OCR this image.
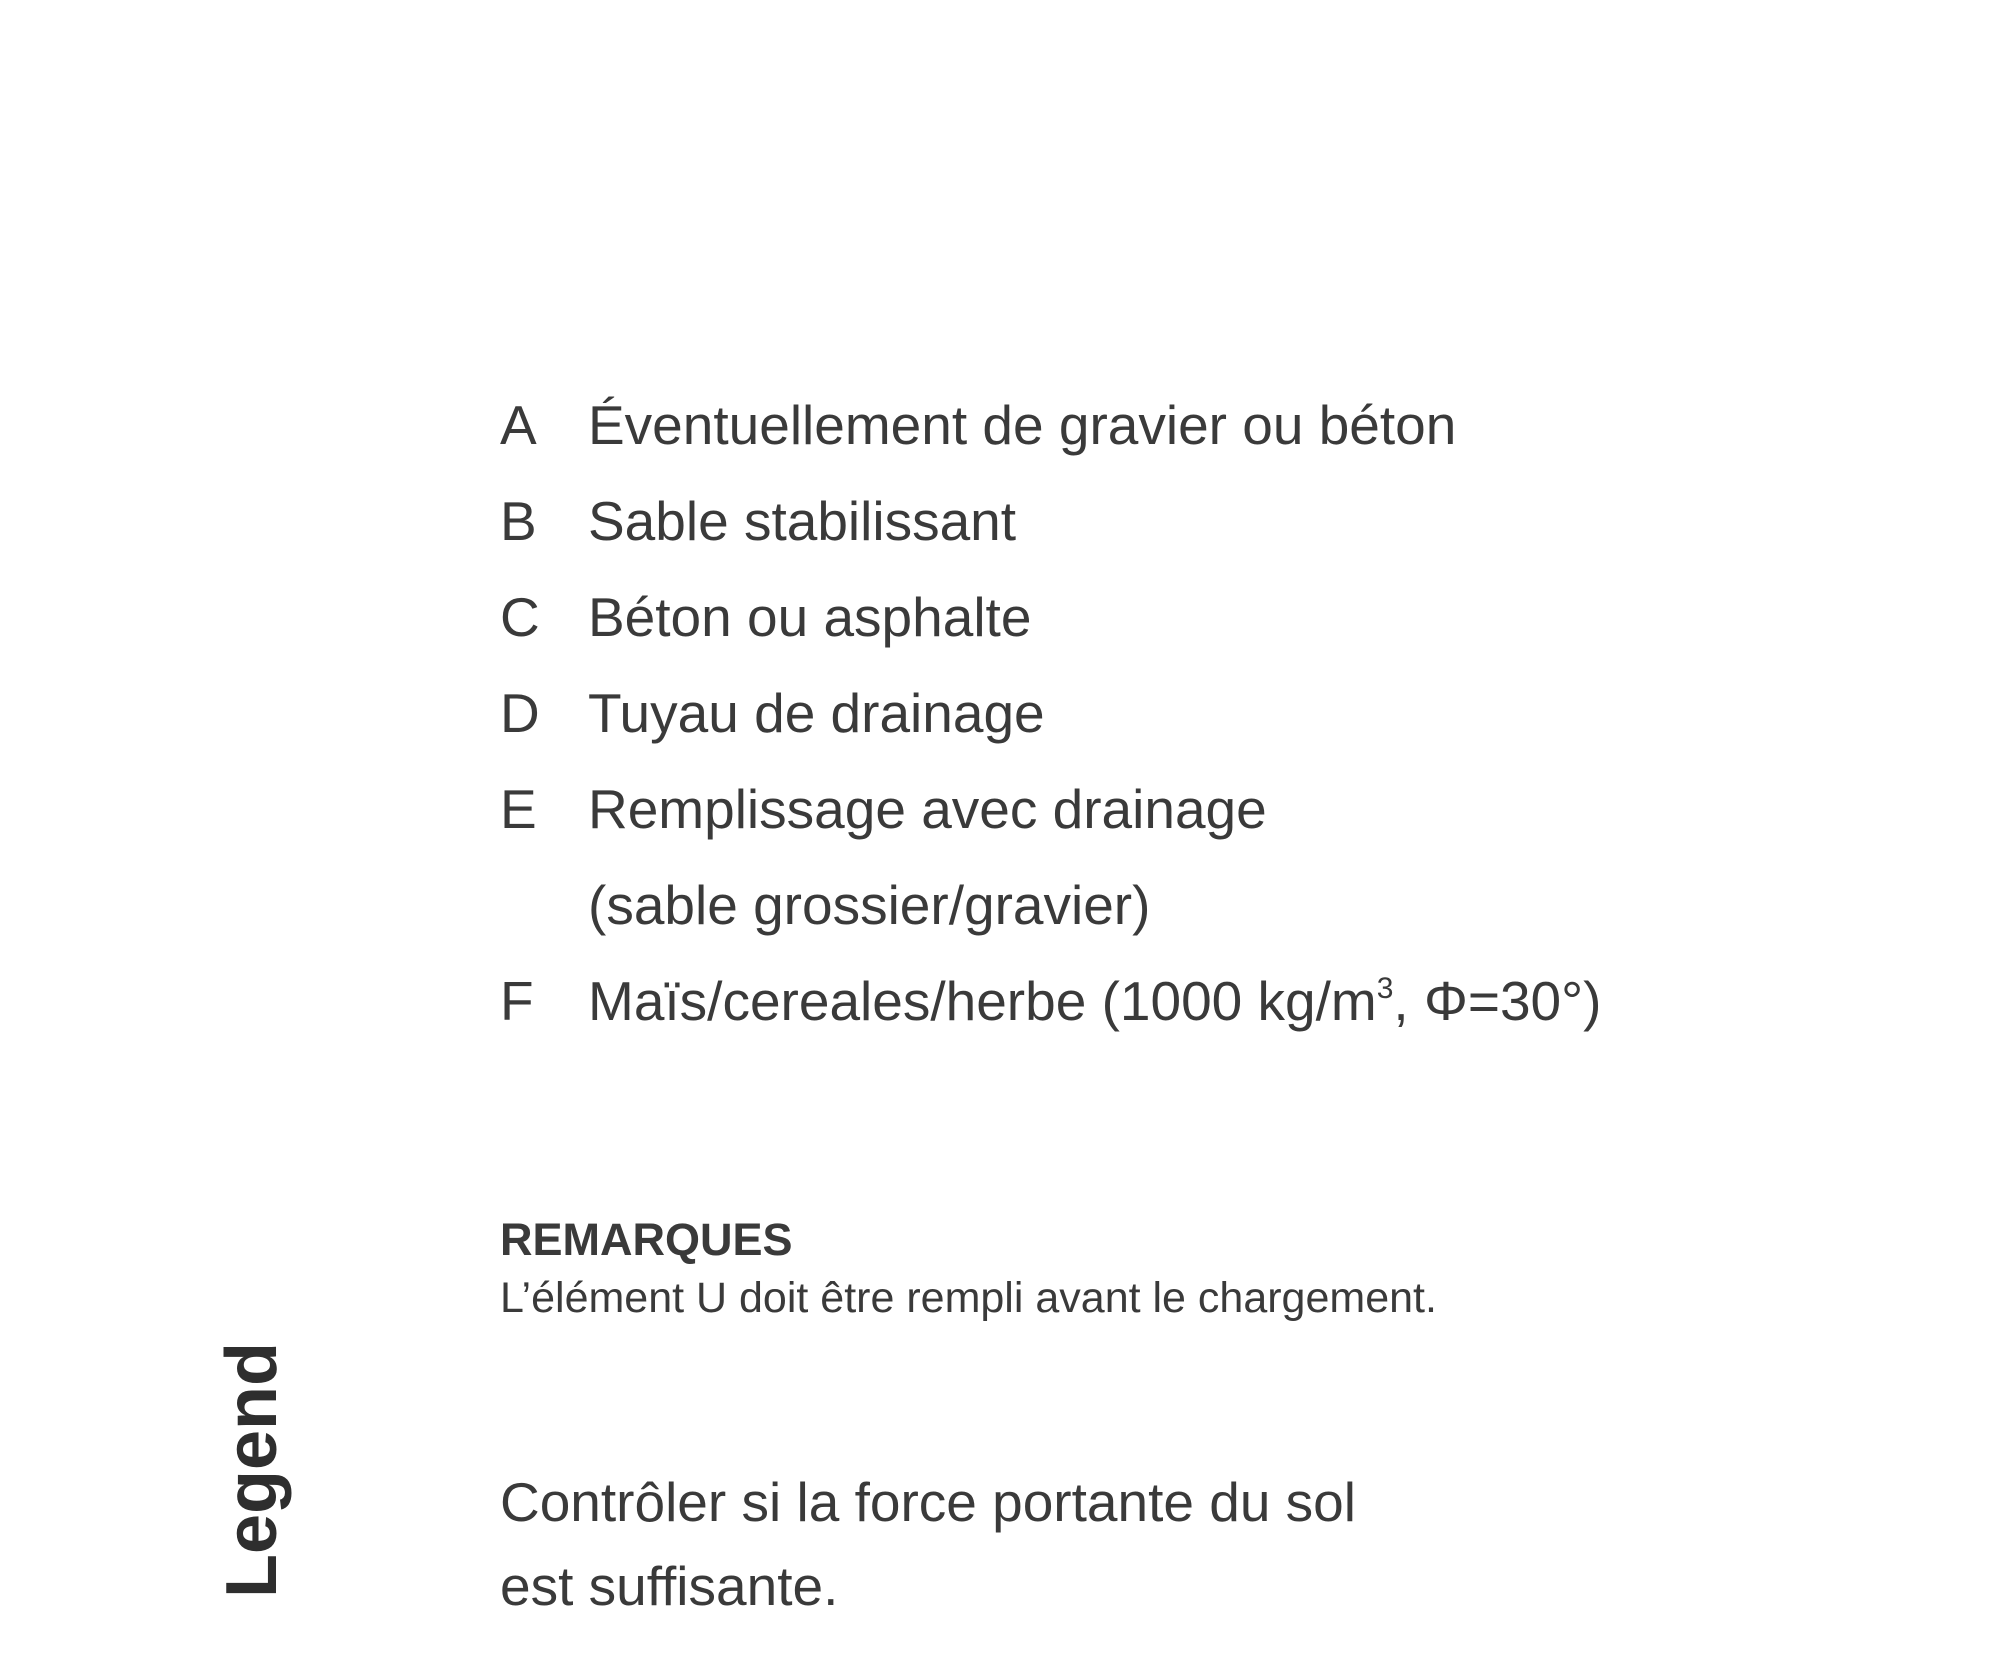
A Éventuellement de gravier ou béton
B Sable stabilissant
C Béton ou asphalte
D Tuyau de drainage
E Remplissage avec drainage
(sable grossier/gravier)
F Maïs/cereales/herbe (1000 $kg/m^3$, Φ=30°)
REMARQUES
L’élément U doit être rempli avant le chargement.
Contrôler si la force portante du sol
est suffisante.
Legend
